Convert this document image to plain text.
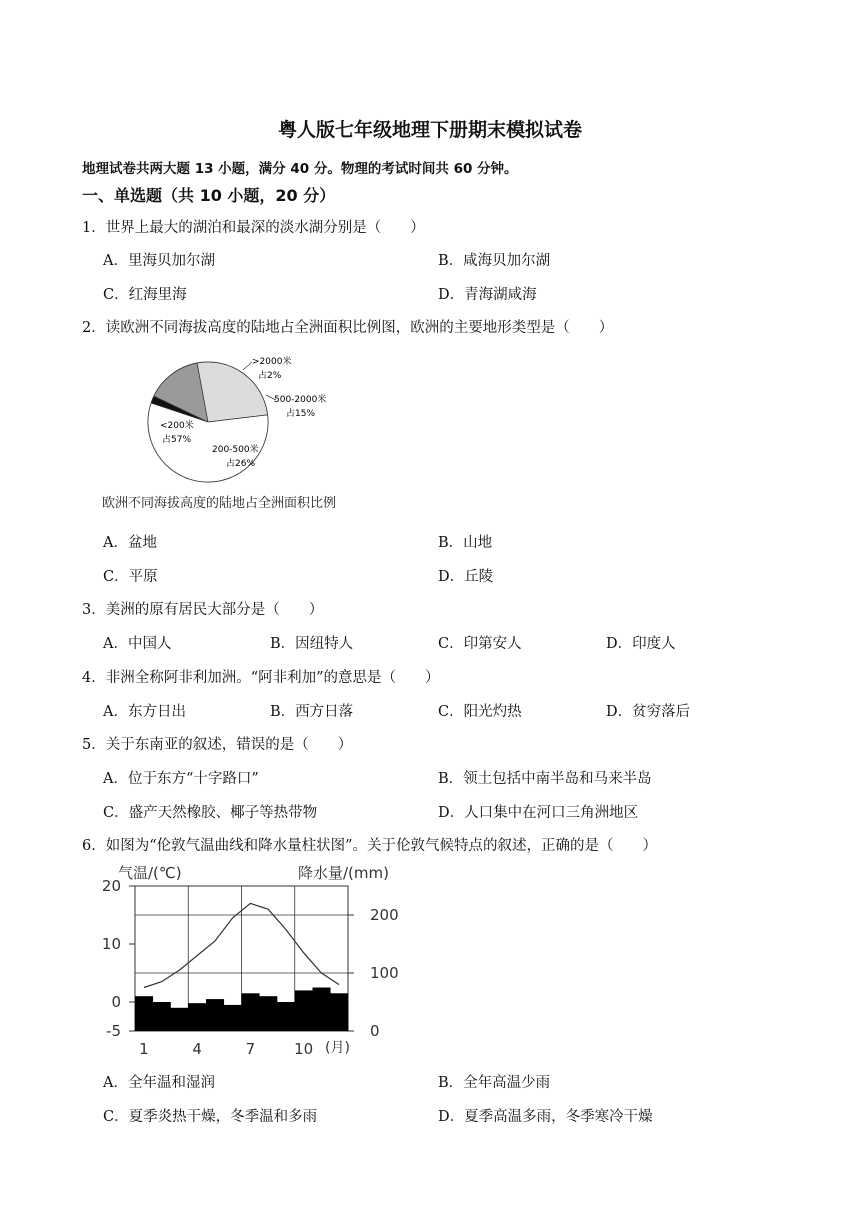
粤人版七年级地理下册期末模拟试卷
地理试卷共两大题 13 小题，满分 40 分。物理的考试时间共 60 分钟。
一、单选题（共 10 小题，20 分）
1．世界上最大的湖泊和最深的淡水湖分别是（　　）
A．里海贝加尔湖	B．咸海贝加尔湖
C．红海里海	D．青海湖咸海
2．读欧洲不同海拔高度的陆地占全洲面积比例图，欧洲的主要地形类型是（　　）
>2000米
占2%
500-2000米
占15%
200-500米
占26%
<200米
占57%
欧洲不同海拔高度的陆地占全洲面积比例
A．盆地	B．山地
C．平原	D．丘陵
3．美洲的原有居民大部分是（　　）
A．中国人	B．因纽特人	C．印第安人	D．印度人
4．非洲全称阿非利加洲。“阿非利加”的意思是（　　）
A．东方日出	B．西方日落	C．阳光灼热	D．贫穷落后
5．关于东南亚的叙述，错误的是（　　）
A．位于东方“十字路口”	B．领土包括中南半岛和马来半岛
C．盛产天然橡胶、椰子等热带物	D．人口集中在河口三角洲地区
6．如图为“伦敦气温曲线和降水量柱状图”。关于伦敦气候特点的叙述，正确的是（　　）
20
10
0
-5
200
100
0
1	4	7	10
气温/(℃)	降水量/(mm)
(月)
A．全年温和湿润	B．全年高温少雨
C．夏季炎热干燥，冬季温和多雨	D．夏季高温多雨，冬季寒冷干燥
